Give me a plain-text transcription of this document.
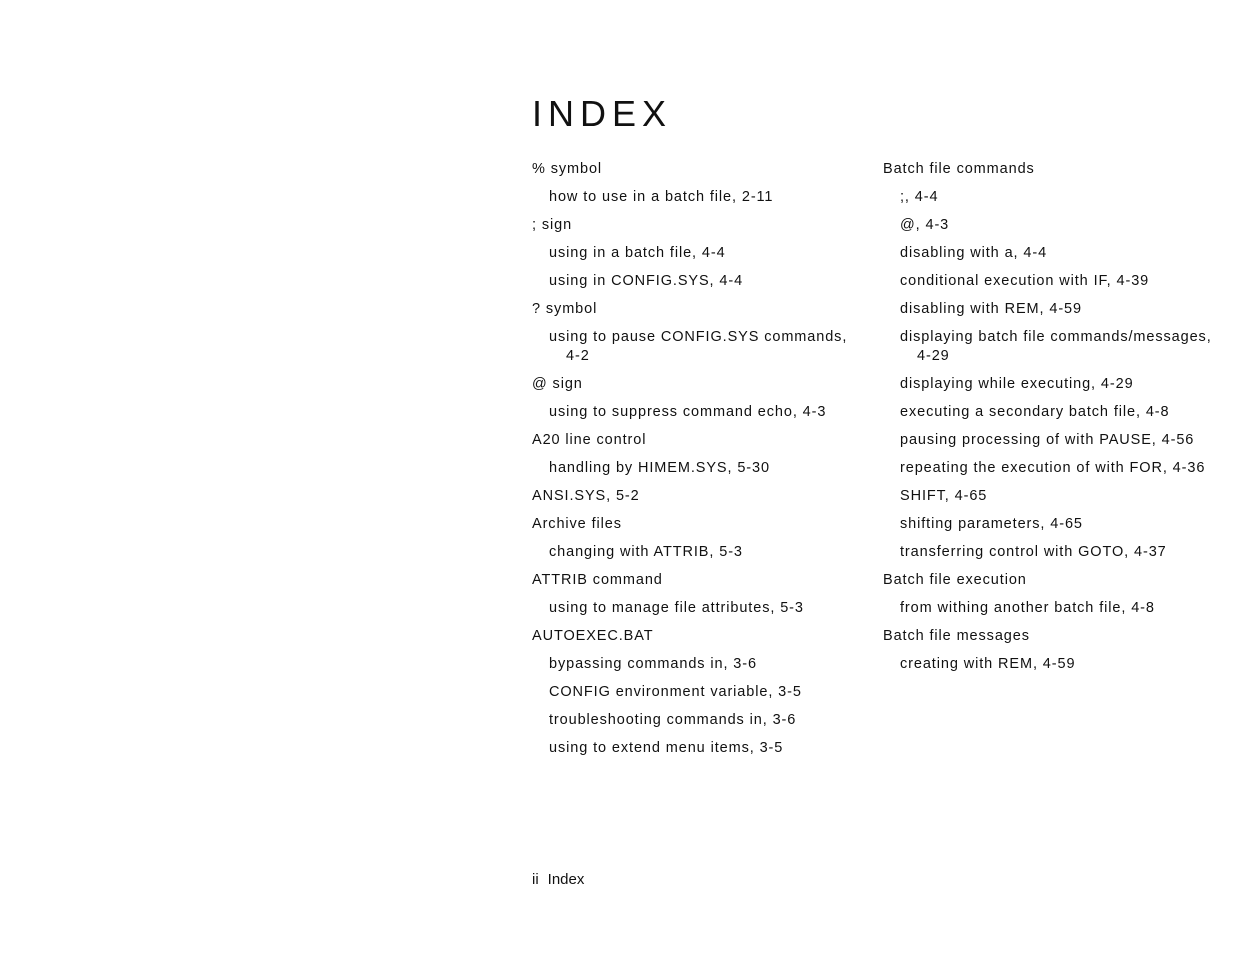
INDEX

% symbol

how to use in a batch file, 2-11

; sign

using in a batch file, 4-4

using in CONFIG.SYS, 4-4

? symbol

using to pause CONFIG.SYS commands, 4-2

@ sign

using to suppress command echo, 4-3

A20 line control

handling by HIMEM.SYS, 5-30

ANSI.SYS, 5-2

Archive files

changing with ATTRIB, 5-3

ATTRIB command

using to manage file attributes, 5-3

AUTOEXEC.BAT

bypassing commands in, 3-6

CONFIG environment variable, 3-5

troubleshooting commands in, 3-6

using to extend menu items, 3-5

Batch file commands

;, 4-4

@, 4-3

disabling with a, 4-4

conditional execution with IF, 4-39

disabling with REM, 4-59

displaying batch file commands/messages, 4-29

displaying while executing, 4-29

executing a secondary batch file, 4-8

pausing processing of with PAUSE, 4-56

repeating the execution of with FOR, 4-36

SHIFT, 4-65

shifting parameters, 4-65

transferring control with GOTO, 4-37

Batch file execution

from withing another batch file, 4-8

Batch file messages

creating with REM, 4-59

ii Index
